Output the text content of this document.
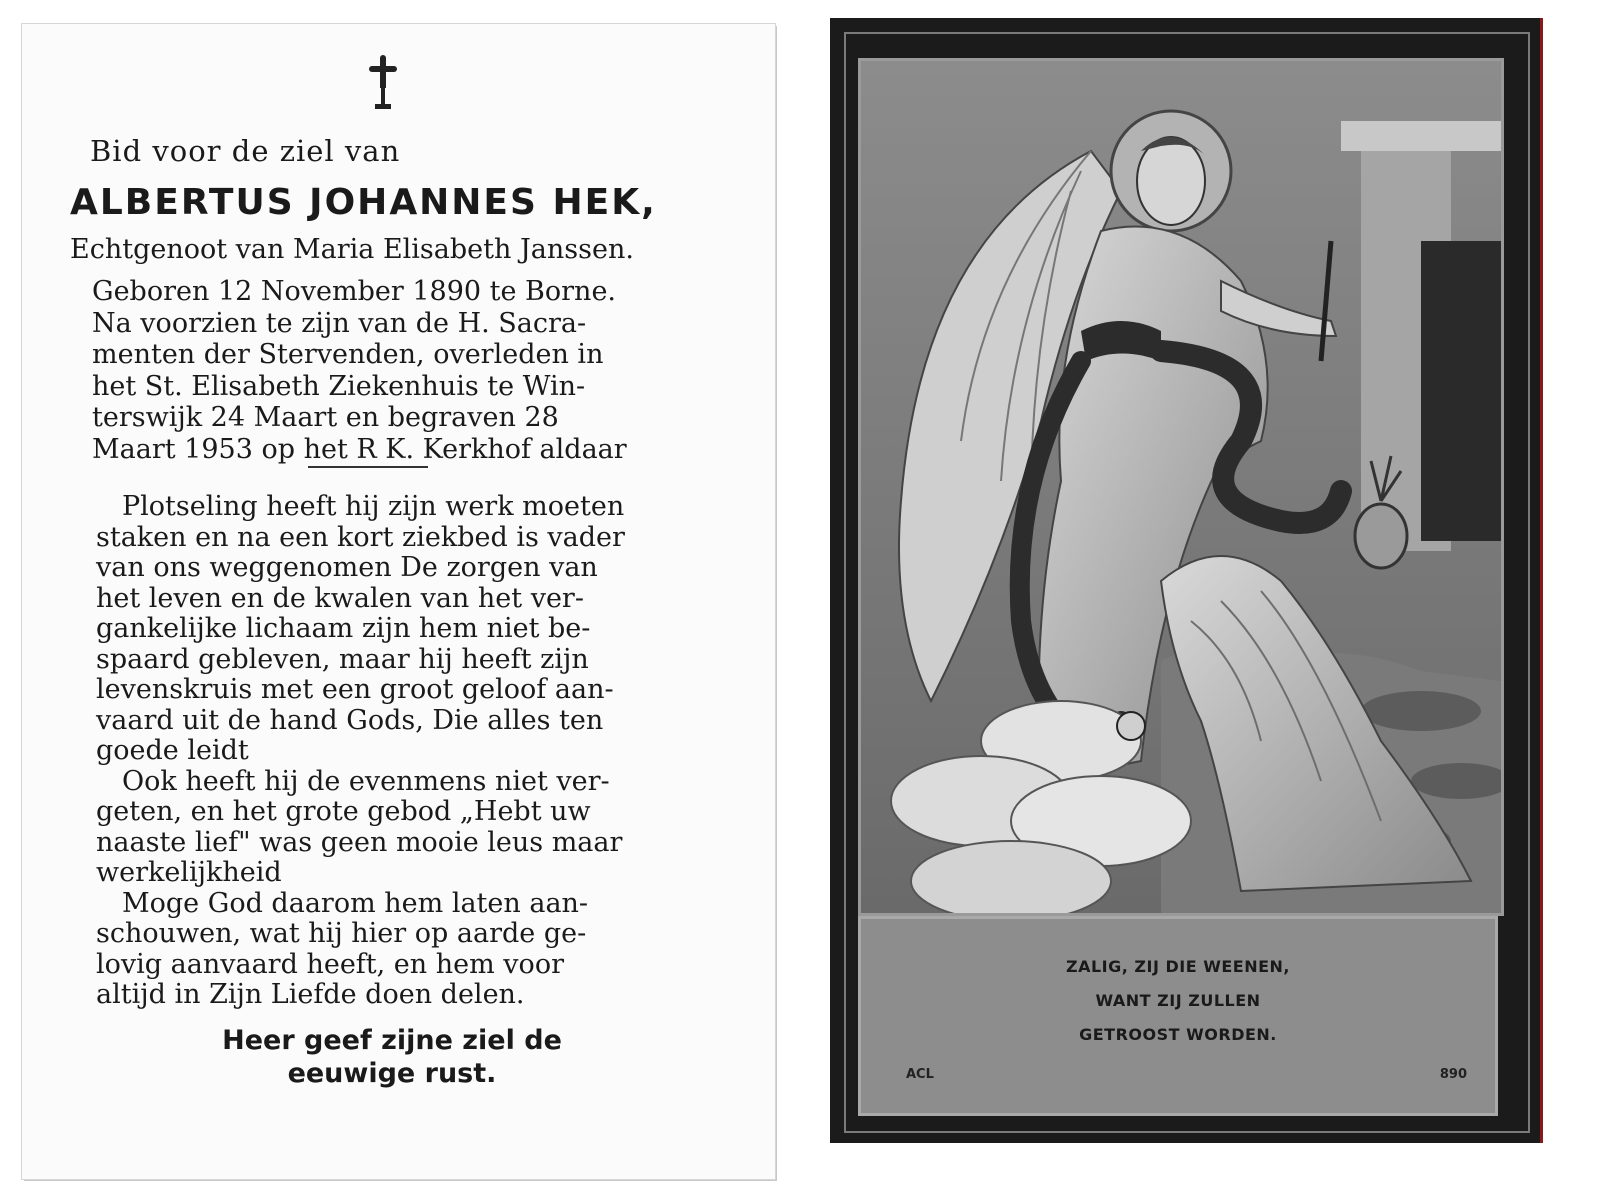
Bid voor de ziel van
ALBERTUS JOHANNES HEK,
Echtgenoot van Maria Elisabeth Janssen.
Geboren 12 November 1890 te Borne.
Na voorzien te zijn van de H. Sacra-
menten der Stervenden, overleden in
het St. Elisabeth Ziekenhuis te Win-
terswijk 24 Maart en begraven 28
Maart 1953 op het R K. Kerkhof aldaar
Plotseling heeft hij zijn werk moeten
staken en na een kort ziekbed is vader
van ons weggenomen De zorgen van
het leven en de kwalen van het ver-
gankelijke lichaam zijn hem niet be-
spaard gebleven, maar hij heeft zijn
levenskruis met een groot geloof aan-
vaard uit de hand Gods, Die alles ten
goede leidt
Ook heeft hij de evenmens niet ver-
geten, en het grote gebod „Hebt uw
naaste lief" was geen mooie leus maar
werkelijkheid
Moge God daarom hem laten aan-
schouwen, wat hij hier op aarde ge-
lovig aanvaard heeft, en hem voor
altijd in Zijn Liefde doen delen.
Heer geef zijne ziel de
eeuwige rust.
ZALIG, ZIJ DIE WEENEN,
WANT ZIJ ZULLEN
GETROOST WORDEN.
ACL	890
